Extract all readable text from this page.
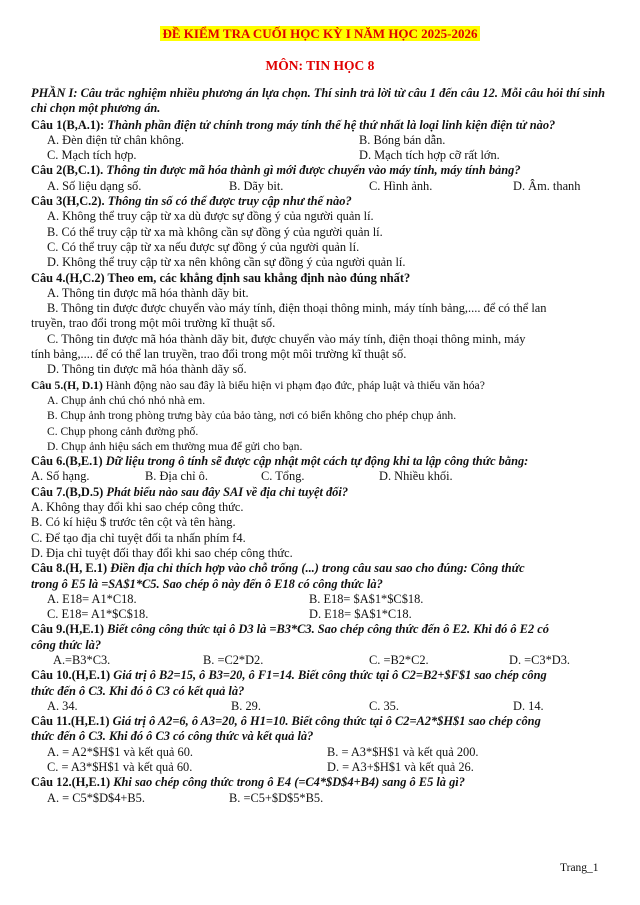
ĐỀ KIỂM TRA CUỐI HỌC KỲ I NĂM HỌC 2025-2026
MÔN: TIN HỌC 8

PHẦN I: Câu trắc nghiệm nhiều phương án lựa chọn. Thí sinh trả lời từ câu 1 đến câu 12. Mỗi câu hỏi thí sinh chỉ chọn một phương án.

Câu 1(B,A.1): Thành phần điện tử chính trong máy tính thế hệ thứ nhất là loại linh kiện điện tử nào?

A. Đèn điện tử chân không.	B. Bóng bán dẫn.
C. Mạch tích hợp.	D. Mạch tích hợp cỡ rất lớn.

Câu 2(B,C.1). Thông tin được mã hóa thành gì mới được chuyển vào máy tính, máy tính bảng?

A. Số liệu dạng số.	B. Dãy bit.	C. Hình ảnh.	D. Âm. thanh

Câu 3(H,C.2). Thông tin số có thể được truy cập như thế nào?

A. Không thể truy cập từ xa dù được sự đồng ý của người quản lí.

B. Có thể truy cập từ xa mà không cần sự đồng ý của người quản lí.

C. Có thể truy cập từ xa nếu được sự đồng ý của người quản lí.

D. Không thể truy cập từ xa nên không cần sự đồng ý của người quản lí.

Câu 4.(H,C.2) Theo em, các khẳng định sau khẳng định nào đúng nhất?

A. Thông tin được mã hóa thành dãy bit.

B. Thông tin được được chuyển vào máy tính, điện thoại thông minh, máy tính bảng,.... để có thể lan

truyền, trao đổi trong một môi trường kĩ thuật số.

C. Thông tin được mã hóa thành dãy bit, được chuyển vào máy tính, điện thoại thông minh, máy

tính bảng,.... để có thể lan truyền, trao đổi trong một môi trường kĩ thuật số.

D. Thông tin được mã hóa thành dãy số.

Câu 5.(H, D.1) Hành động nào sau đây là biểu hiện vi phạm đạo đức, pháp luật và thiếu văn hóa?

A. Chụp ảnh chú chó nhỏ nhà em.

B. Chụp ảnh trong phòng trưng bày của bảo tàng, nơi có biển không cho phép chụp ảnh.

C. Chụp phong cảnh đường phố.

D. Chụp ảnh hiệu sách em thường mua để gửi cho bạn.

Câu 6.(B,E.1) Dữ liệu trong ô tính sẽ được cập nhật một cách tự động khi ta lập công thức bằng:

A. Số hạng.	B. Địa chỉ ô.	C. Tổng.	D. Nhiều khối.

Câu 7.(B,D.5) Phát biểu nào sau đây SAI về địa chỉ tuyệt đối?

A. Không thay đổi khi sao chép công thức.

B. Có kí hiệu $ trước tên cột và tên hàng.

C. Để tạo địa chỉ tuyệt đối ta nhấn phím f4.

D. Địa chỉ tuyệt đối thay đổi khi sao chép công thức.

Câu 8.(H, E.1) Điền địa chỉ thích hợp vào chỗ trống (...) trong câu sau sao cho đúng: Công thức

trong ô E5 là =SA$1*C5. Sao chép ô này đến ô E18 có công thức là?

A. E18= A1*C18.	B. E18= $A$1*$C$18.
C. E18= A1*$C$18.	D. E18= $A$1*C18.

Câu 9.(H,E.1) Biết công công thức tại ô D3 là =B3*C3. Sao chép công thức đến ô E2. Khi đó ô E2 có

công thức là?

A.=B3*C3.	B. =C2*D2.	C. =B2*C2.	D. =C3*D3.

Câu 10.(H,E.1) Giá trị ô B2=15, ô B3=20, ô F1=14. Biết công thức tại ô C2=B2+$F$1 sao chép công

thức đến ô C3. Khi đó ô C3 có kết quả là?

A. 34.	B. 29.	C. 35.	D. 14.

Câu 11.(H,E.1) Giá trị ô A2=6, ô A3=20, ô H1=10. Biết công thức tại ô C2=A2*$H$1 sao chép công

thức đến ô C3. Khi đó ô C3 có công thức và kết quả là?

A. = A2*$H$1 và kết quả 60.	B. = A3*$H$1 và kết quả 200.
C. = A3*$H$1 và kết quả 60.	D. = A3+$H$1 và kết quả 26.

Câu 12.(H,E.1) Khi sao chép công thức trong ô E4 (=C4*$D$4+B4) sang ô E5 là gì?

A. = C5*$D$4+B5.	B. =C5+$D$5*B5.
Trang_1
